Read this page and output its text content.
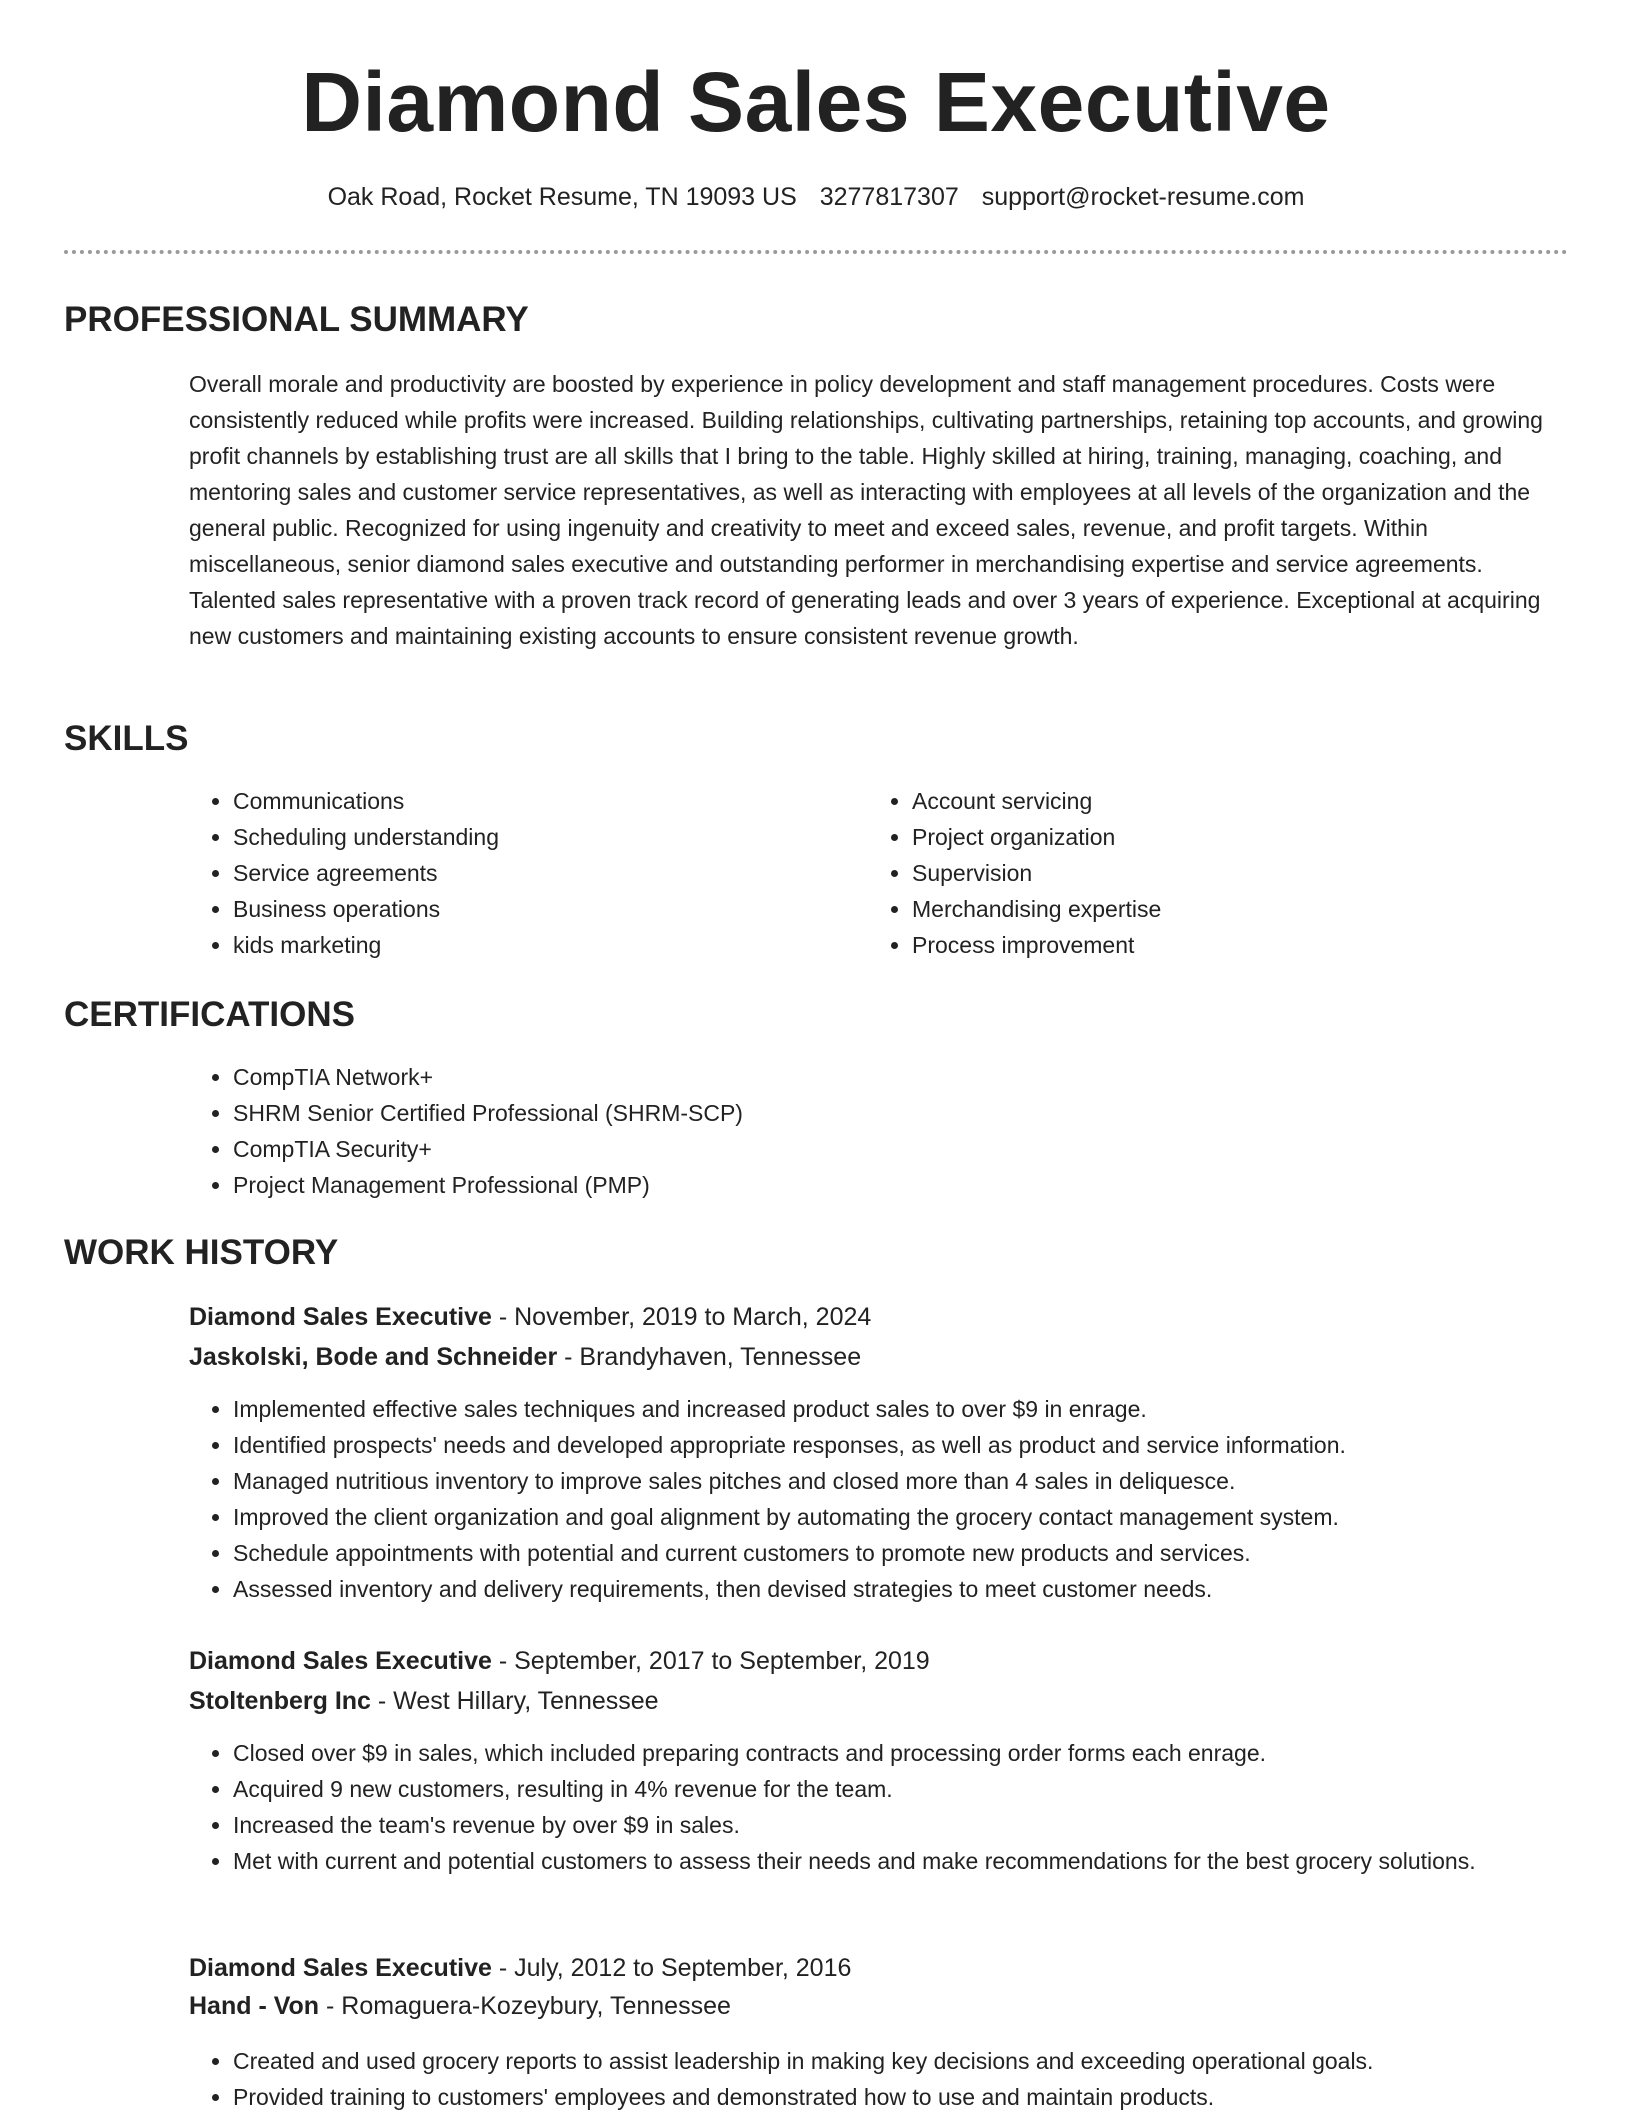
Diamond Sales Executive
Oak Road, Rocket Resume, TN 19093 US 3277817307 support@rocket-resume.com
PROFESSIONAL SUMMARY

Overall morale and productivity are boosted by experience in policy development and staff management procedures. Costs were consistently reduced while profits were increased. Building relationships, cultivating partnerships, retaining top accounts, and growing profit channels by establishing trust are all skills that I bring to the table. Highly skilled at hiring, training, managing, coaching, and mentoring sales and customer service representatives, as well as interacting with employees at all levels of the organization and the general public. Recognized for using ingenuity and creativity to meet and exceed sales, revenue, and profit targets. Within miscellaneous, senior diamond sales executive and outstanding performer in merchandising expertise and service agreements. Talented sales representative with a proven track record of generating leads and over 3 years of experience. Exceptional at acquiring new customers and maintaining existing accounts to ensure consistent revenue growth.

SKILLS
• Communications
• Scheduling understanding
• Service agreements
• Business operations
• kids marketing
• Account servicing
• Project organization
• Supervision
• Merchandising expertise
• Process improvement
CERTIFICATIONS
• CompTIA Network+
• SHRM Senior Certified Professional (SHRM-SCP)
• CompTIA Security+
• Project Management Professional (PMP)
WORK HISTORY
Diamond Sales Executive - November, 2019 to March, 2024
Jaskolski, Bode and Schneider - Brandyhaven, Tennessee
• Implemented effective sales techniques and increased product sales to over $9 in enrage.
• Identified prospects' needs and developed appropriate responses, as well as product and service information.
• Managed nutritious inventory to improve sales pitches and closed more than 4 sales in deliquesce.
• Improved the client organization and goal alignment by automating the grocery contact management system.
• Schedule appointments with potential and current customers to promote new products and services.
• Assessed inventory and delivery requirements, then devised strategies to meet customer needs.
Diamond Sales Executive - September, 2017 to September, 2019
Stoltenberg Inc - West Hillary, Tennessee
• Closed over $9 in sales, which included preparing contracts and processing order forms each enrage.
• Acquired 9 new customers, resulting in 4% revenue for the team.
• Increased the team's revenue by over $9 in sales.
• Met with current and potential customers to assess their needs and make recommendations for the best grocery solutions.
Diamond Sales Executive - July, 2012 to September, 2016
Hand - Von - Romaguera-Kozeybury, Tennessee
• Created and used grocery reports to assist leadership in making key decisions and exceeding operational goals.
• Provided training to customers' employees and demonstrated how to use and maintain products.
